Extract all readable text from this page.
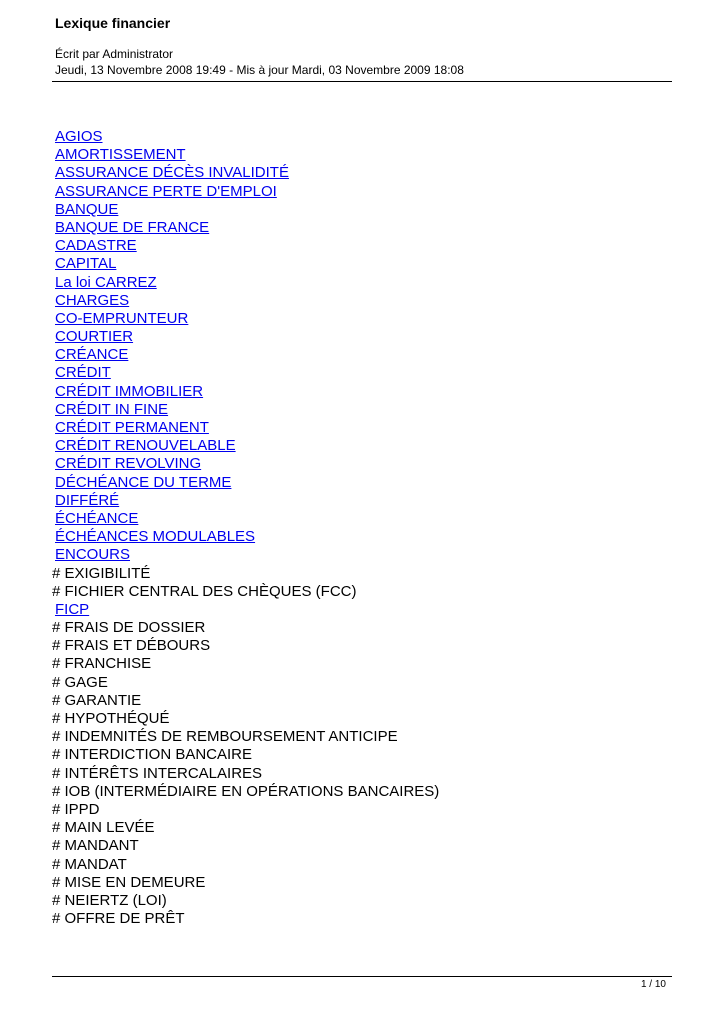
Lexique financier
Écrit par Administrator
Jeudi, 13 Novembre 2008 19:49 - Mis à jour Mardi, 03 Novembre 2009 18:08
AGIOS
AMORTISSEMENT
ASSURANCE DÉCÈS INVALIDITÉ
ASSURANCE PERTE D'EMPLOI
BANQUE
BANQUE DE FRANCE
CADASTRE
CAPITAL
La loi CARREZ
CHARGES
CO-EMPRUNTEUR
COURTIER
CRÉANCE
CRÉDIT
CRÉDIT IMMOBILIER
CRÉDIT IN FINE
CRÉDIT PERMANENT
CRÉDIT RENOUVELABLE
CRÉDIT REVOLVING
DÉCHÉANCE DU TERME
DIFFÉRÉ
ÉCHÉANCE
ÉCHÉANCES MODULABLES
ENCOURS
# EXIGIBILITÉ
# FICHIER CENTRAL DES CHÈQUES (FCC)
FICP
# FRAIS DE DOSSIER
# FRAIS ET DÉBOURS
# FRANCHISE
# GAGE
# GARANTIE
# HYPOTHÉQUÉ
# INDEMNITÉS DE REMBOURSEMENT ANTICIPE
# INTERDICTION BANCAIRE
# INTÉRÊTS INTERCALAIRES
# IOB (INTERMÉDIAIRE EN OPÉRATIONS BANCAIRES)
# IPPD
# MAIN LEVÉE
# MANDANT
# MANDAT
# MISE EN DEMEURE
# NEIERTZ (LOI)
# OFFRE DE PRÊT
1 / 10
